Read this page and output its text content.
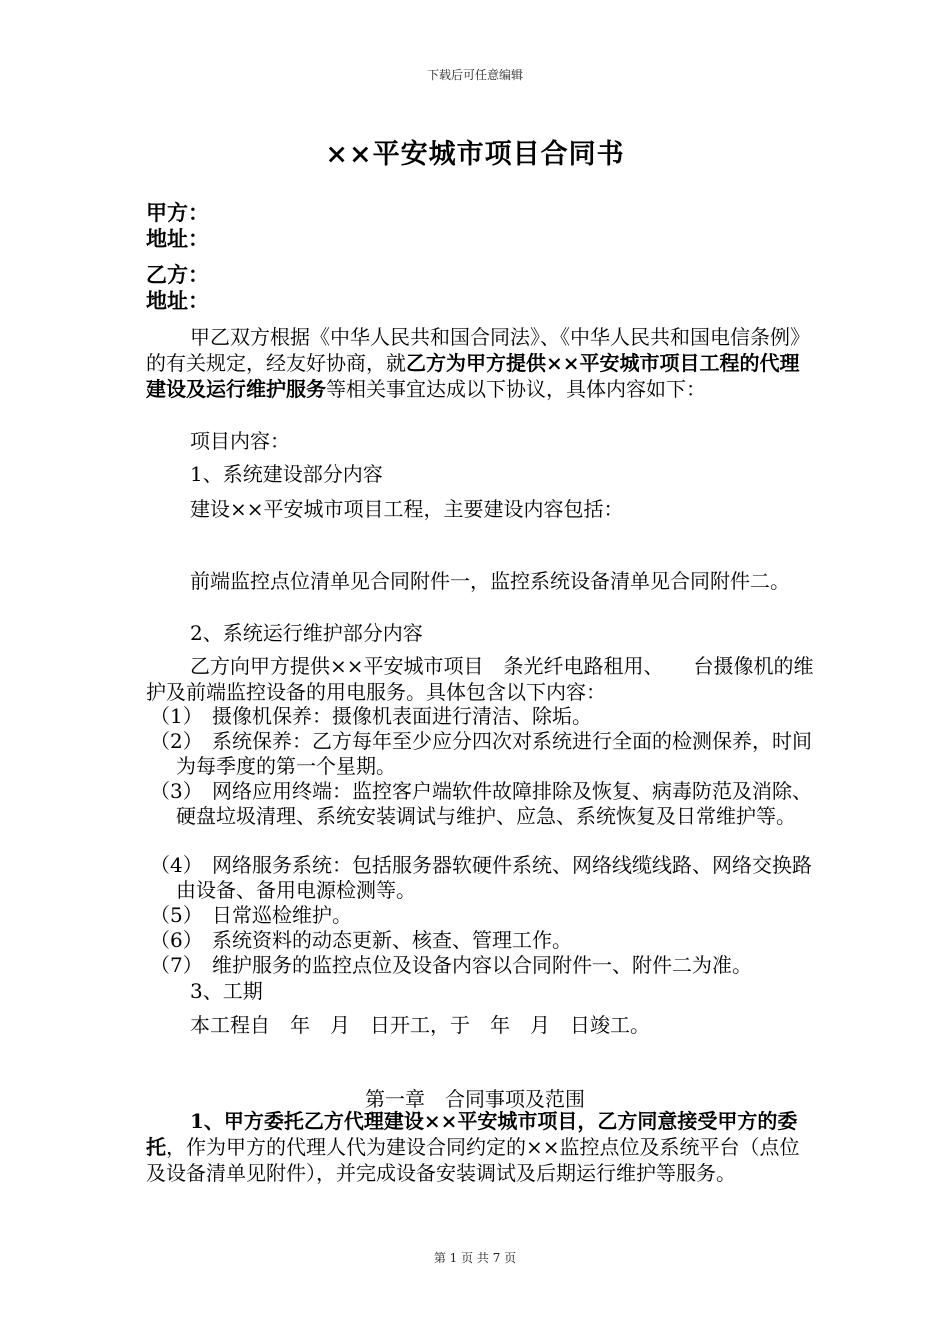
下载后可任意编辑
××平安城市项目合同书
甲方：
地址：
乙方：
地址：
甲乙双方根据《中华人民共和国合同法》、《中华人民共和国电信条例》的有关规定，经友好协商，就乙方为甲方提供××平安城市项目工程的代理建设及运行维护服务等相关事宜达成以下协议，具体内容如下：
项目内容：
1、系统建设部分内容
建设××平安城市项目工程，主要建设内容包括：
前端监控点位清单见合同附件一，监控系统设备清单见合同附件二。
2、系统运行维护部分内容
乙方向甲方提供××平安城市项目　条光纤电路租用、　　台摄像机的维护及前端监控设备的用电服务。具体包含以下内容：
（1） 摄像机保养：摄像机表面进行清洁、除垢。
（2） 系统保养：乙方每年至少应分四次对系统进行全面的检测保养，时间为每季度的第一个星期。
（3） 网络应用终端：监控客户端软件故障排除及恢复、病毒防范及消除、硬盘垃圾清理、系统安装调试与维护、应急、系统恢复及日常维护等。
（4） 网络服务系统：包括服务器软硬件系统、网络线缆线路、网络交换路由设备、备用电源检测等。
（5） 日常巡检维护。
（6） 系统资料的动态更新、核查、管理工作。
（7） 维护服务的监控点位及设备内容以合同附件一、附件二为准。
3、工期
本工程自　年　月　日开工，于　年　月　日竣工。
第一章　合同事项及范围
1、甲方委托乙方代理建设××平安城市项目，乙方同意接受甲方的委托，作为甲方的代理人代为建设合同约定的××监控点位及系统平台（点位及设备清单见附件），并完成设备安装调试及后期运行维护等服务。
第 1 页 共 7 页
